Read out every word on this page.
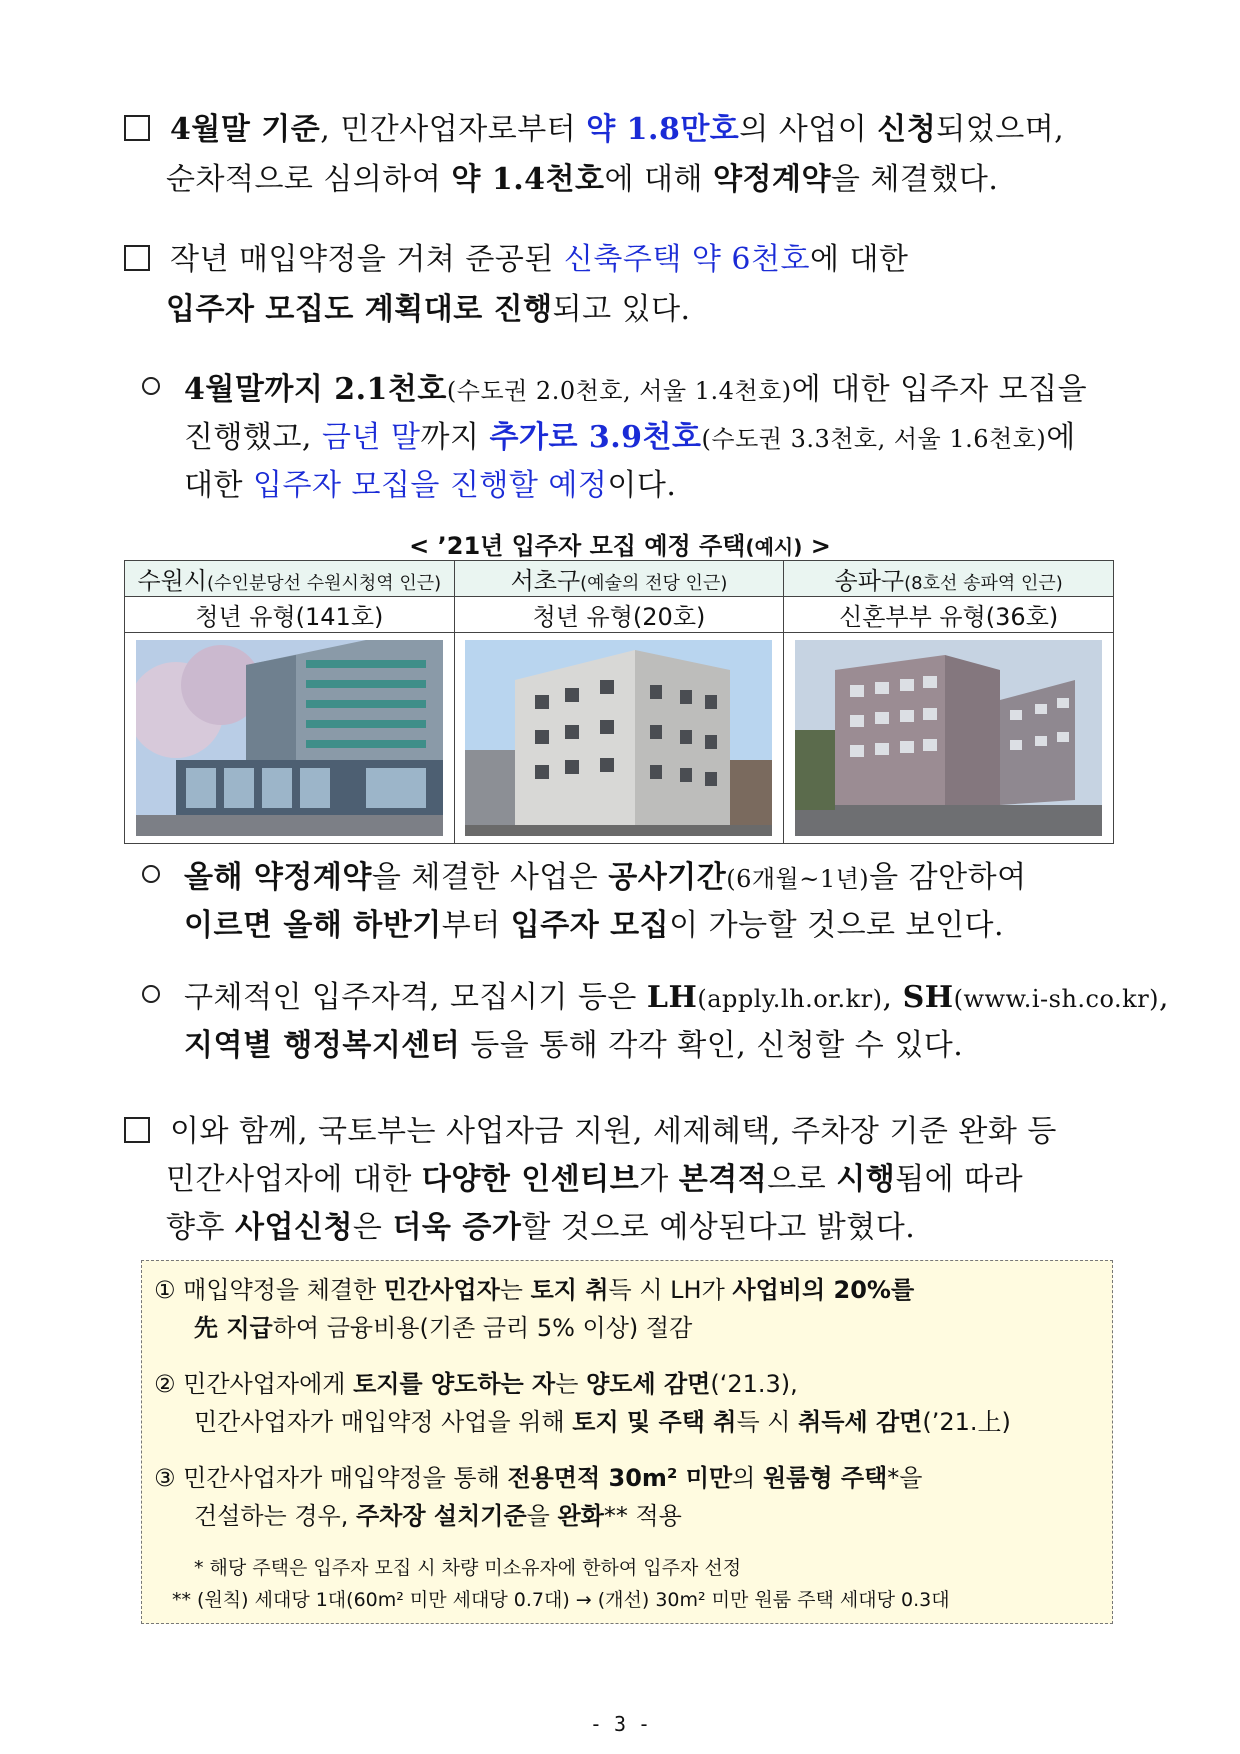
4월말 기준, 민간사업자로부터 약 1.8만호의 사업이 신청되었으며,
순차적으로 심의하여 약 1.4천호에 대해 약정계약을 체결했다.
작년 매입약정을 거쳐 준공된 신축주택 약 6천호에 대한
입주자 모집도 계획대로 진행되고 있다.
4월말까지 2.1천호(수도권 2.0천호, 서울 1.4천호)에 대한 입주자 모집을
진행했고, 금년 말까지 추가로 3.9천호(수도권 3.3천호, 서울 1.6천호)에
대한 입주자 모집을 진행할 예정이다.
< ’21년 입주자 모집 예정 주택(예시) >
수원시(수인분당선 수원시청역 인근)	서초구(예술의 전당 인근)	송파구(8호선 송파역 인근)
청년 유형(141호)	청년 유형(20호)	신혼부부 유형(36호)

올해 약정계약을 체결한 사업은 공사기간(6개월~1년)을 감안하여
이르면 올해 하반기부터 입주자 모집이 가능할 것으로 보인다.
구체적인 입주자격, 모집시기 등은 LH(apply.lh.or.kr), SH(www.i-sh.co.kr),
지역별 행정복지센터 등을 통해 각각 확인, 신청할 수 있다.
이와 함께, 국토부는 사업자금 지원, 세제혜택, 주차장 기준 완화 등
민간사업자에 대한 다양한 인센티브가 본격적으로 시행됨에 따라
향후 사업신청은 더욱 증가할 것으로 예상된다고 밝혔다.
① 매입약정을 체결한 민간사업자는 토지 취득 시 LH가 사업비의 20%를
先 지급하여 금융비용(기존 금리 5% 이상) 절감
② 민간사업자에게 토지를 양도하는 자는 양도세 감면(‘21.3),
민간사업자가 매입약정 사업을 위해 토지 및 주택 취득 시 취득세 감면(’21.上)
③ 민간사업자가 매입약정을 통해 전용면적 30m² 미만의 원룸형 주택*을
건설하는 경우, 주차장 설치기준을 완화** 적용
* 해당 주택은 입주자 모집 시 차량 미소유자에 한하여 입주자 선정
** (원칙) 세대당 1대(60m² 미만 세대당 0.7대) → (개선) 30m² 미만 원룸 주택 세대당 0.3대
- 3 -
